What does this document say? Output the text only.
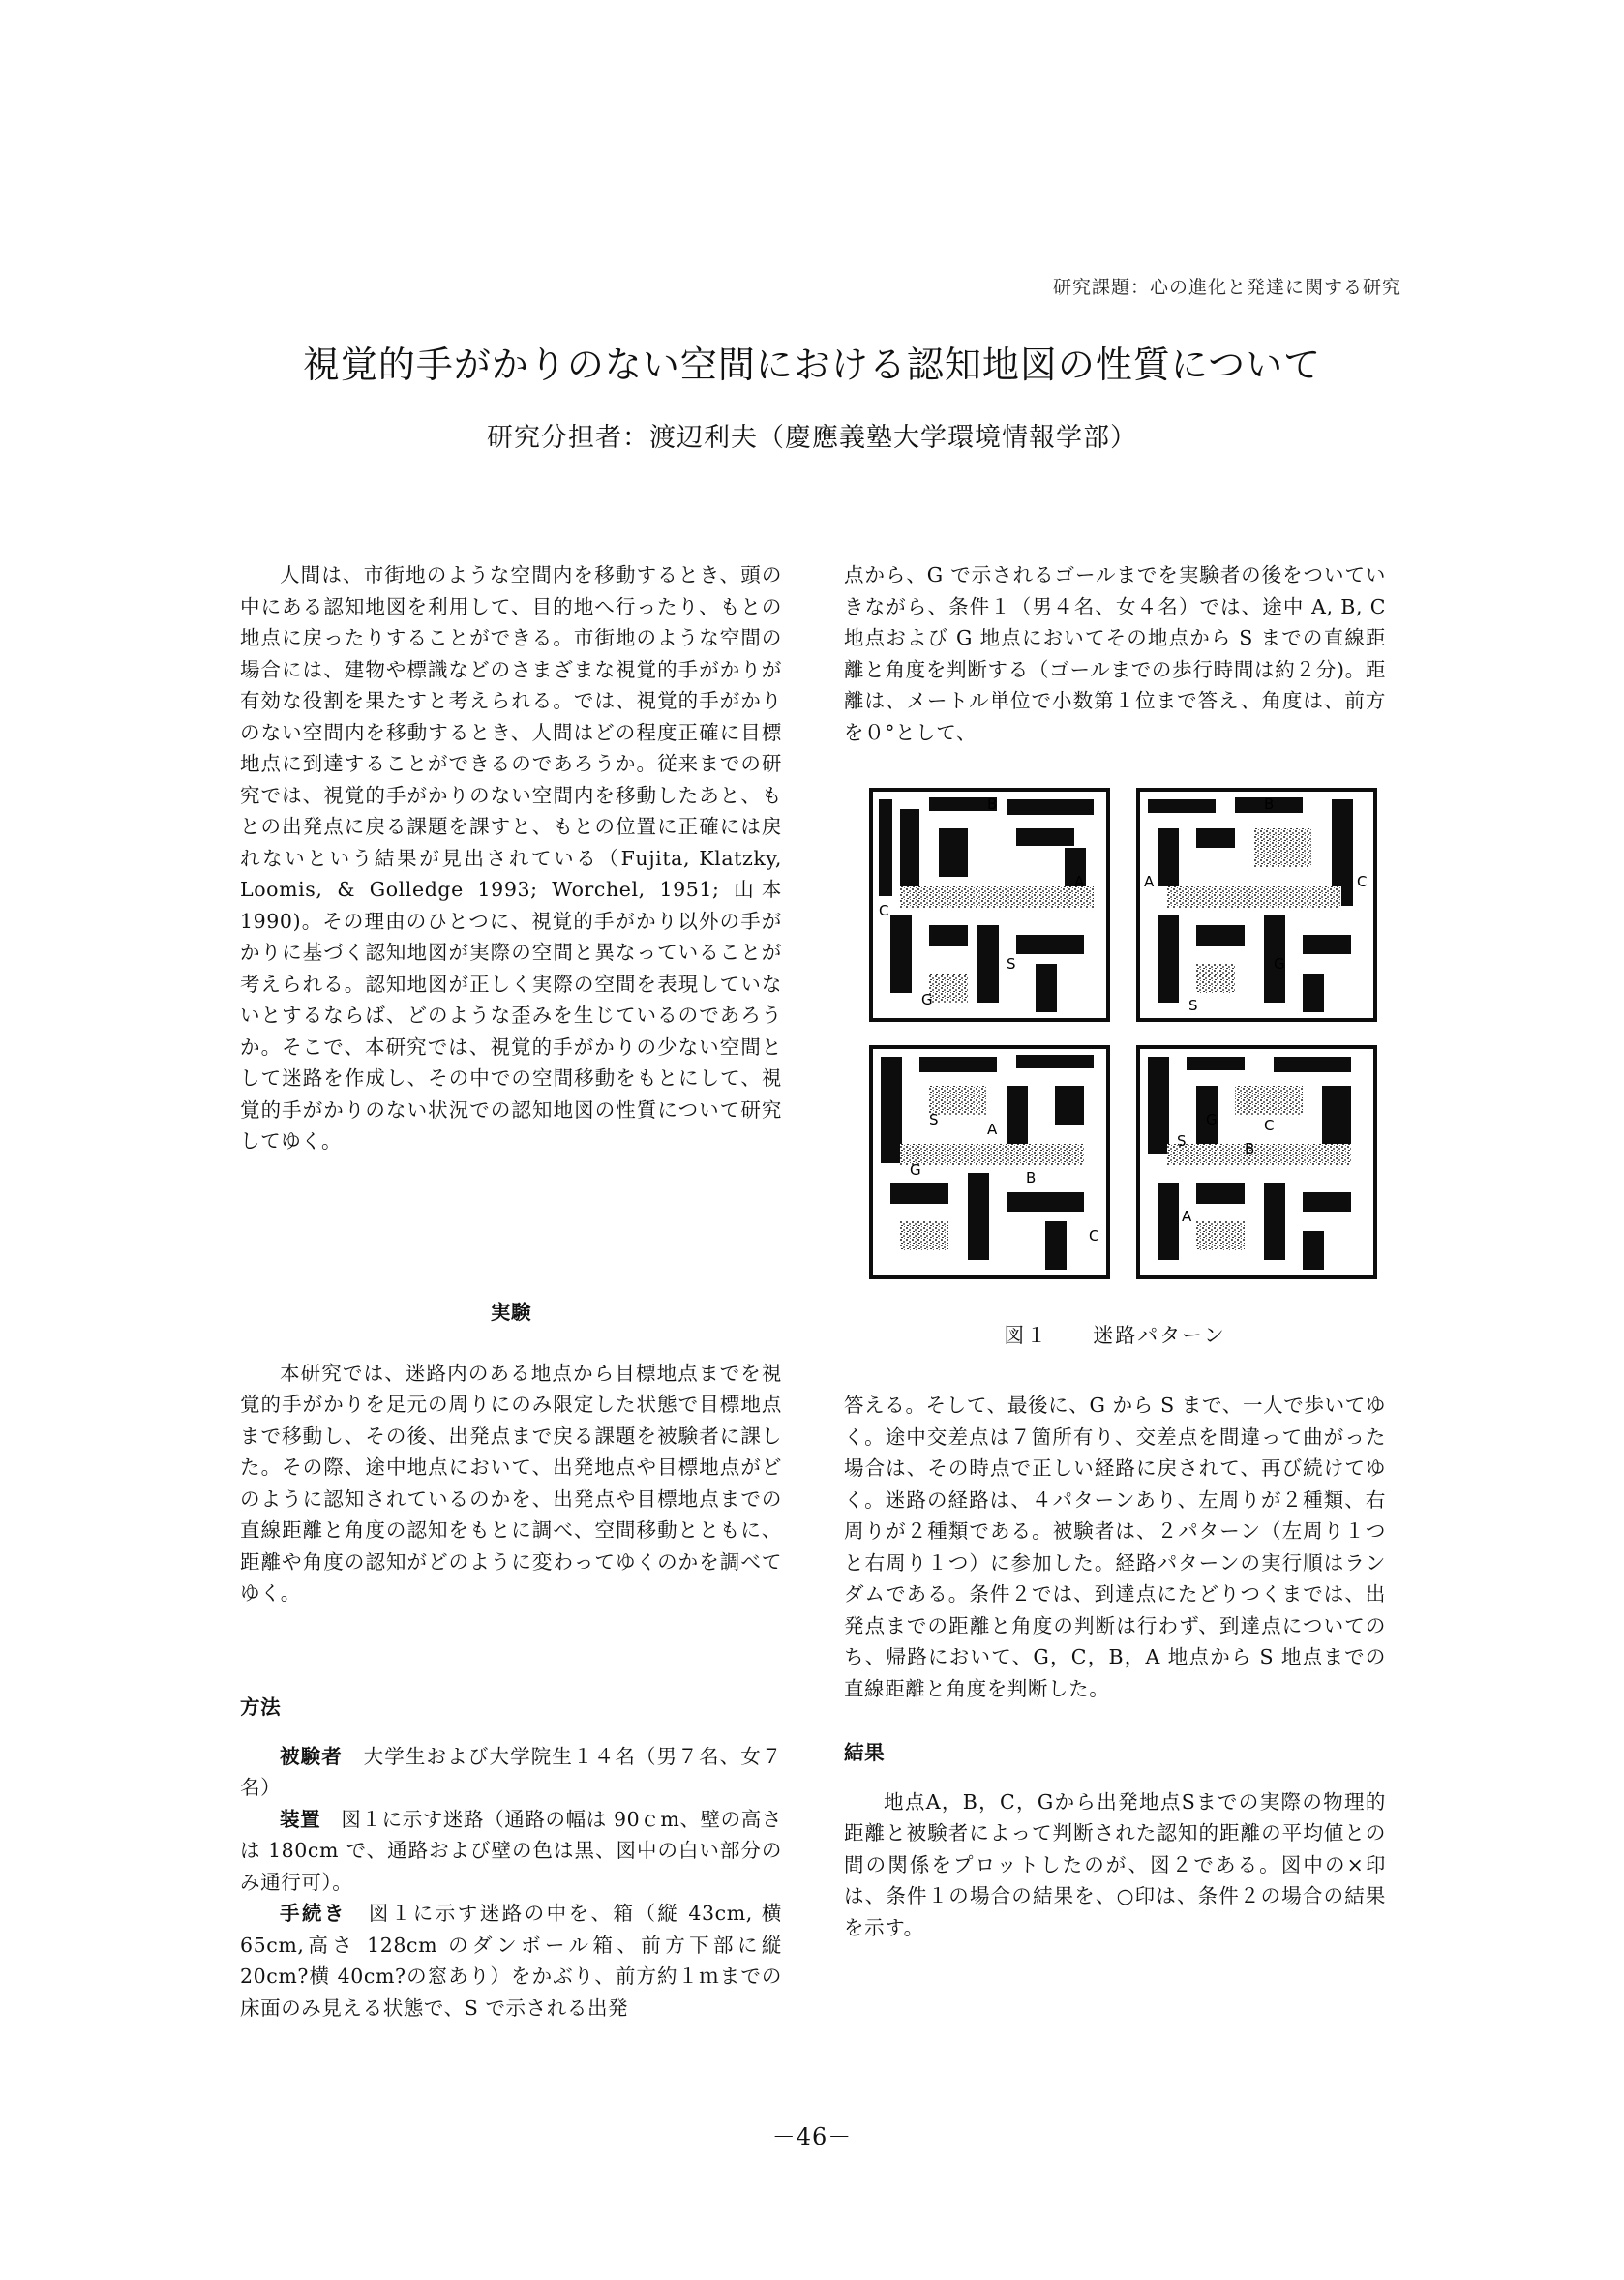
研究課題：心の進化と発達に関する研究
視覚的手がかりのない空間における認知地図の性質について
研究分担者：渡辺利夫（慶應義塾大学環境情報学部）

人間は、市街地のような空間内を移動するとき、頭の中にある認知地図を利用して、目的地へ行ったり、もとの地点に戻ったりすることができる。市街地のような空間の場合には、建物や標識などのさまざまな視覚的手がかりが有効な役割を果たすと考えられる。では、視覚的手がかりのない空間内を移動するとき、人間はどの程度正確に目標地点に到達することができるのであろうか。従来までの研究では、視覚的手がかりのない空間内を移動したあと、もとの出発点に戻る課題を課すと、もとの位置に正確には戻れないという結果が見出されている（Fujita, Klatzky, Loomis, & Golledge 1993; Worchel, 1951; 山本 1990)。その理由のひとつに、視覚的手がかり以外の手がかりに基づく認知地図が実際の空間と異なっていることが考えられる。認知地図が正しく実際の空間を表現していないとするならば、どのような歪みを生じているのであろうか。そこで、本研究では、視覚的手がかりの少ない空間として迷路を作成し、その中での空間移動をもとにして、視覚的手がかりのない状況での認知地図の性質について研究してゆく。

実験

本研究では、迷路内のある地点から目標地点までを視覚的手がかりを足元の周りにのみ限定した状態で目標地点まで移動し、その後、出発点まで戻る課題を被験者に課した。その際、途中地点において、出発地点や目標地点がどのように認知されているのかを、出発点や目標地点までの直線距離と角度の認知をもとに調べ、空間移動とともに、距離や角度の認知がどのように変わってゆくのかを調べてゆく。

方法

被験者　 大学生および大学院生１４名（男７名、女７名）

装置　 図１に示す迷路（通路の幅は 90ｃm、壁の高さは 180cm で、通路および壁の色は黒、図中の白い部分のみ通行可）。

手続き　 図１に示す迷路の中を、箱（縦 43cm, 横 65cm,高さ 128cm のダンボール箱、前方下部に縦 20cm?横 40cm?の窓あり）をかぶり、前方約１ｍまでの床面のみ見える状態で、S で示される出発

点から、G で示されるゴールまでを実験者の後をついていきながら、条件１（男４名、女４名）では、途中 A, B, C 地点および G 地点においてその地点から S までの直線距離と角度を判断する（ゴールまでの歩行時間は約２分)。距離は、メートル単位で小数第１位まで答え、角度は、前方を０°として、

B
C
A
S
G
B
A	C
G
S
S
A
G	B
C
G	C
S	B
A
図１　　迷路パターン

答える。そして、最後に、G から S まで、一人で歩いてゆく。途中交差点は７箇所有り、交差点を間違って曲がった場合は、その時点で正しい経路に戻されて、再び続けてゆく。迷路の経路は、４パターンあり、左周りが２種類、右周りが２種類である。被験者は、２パターン（左周り１つと右周り１つ）に参加した。経路パターンの実行順はランダムである。条件２では、到達点にたどりつくまでは、出発点までの距離と角度の判断は行わず、到達点についてのち、帰路において、G，C，B，A 地点から S 地点までの直線距離と角度を判断した。

結果

地点A，B，C，Gから出発地点Sまでの実際の物理的距離と被験者によって判断された認知的距離の平均値との間の関係をプロットしたのが、図２である。図中の×印は、条件１の場合の結果を、○印は、条件２の場合の結果を示す。

－46－
